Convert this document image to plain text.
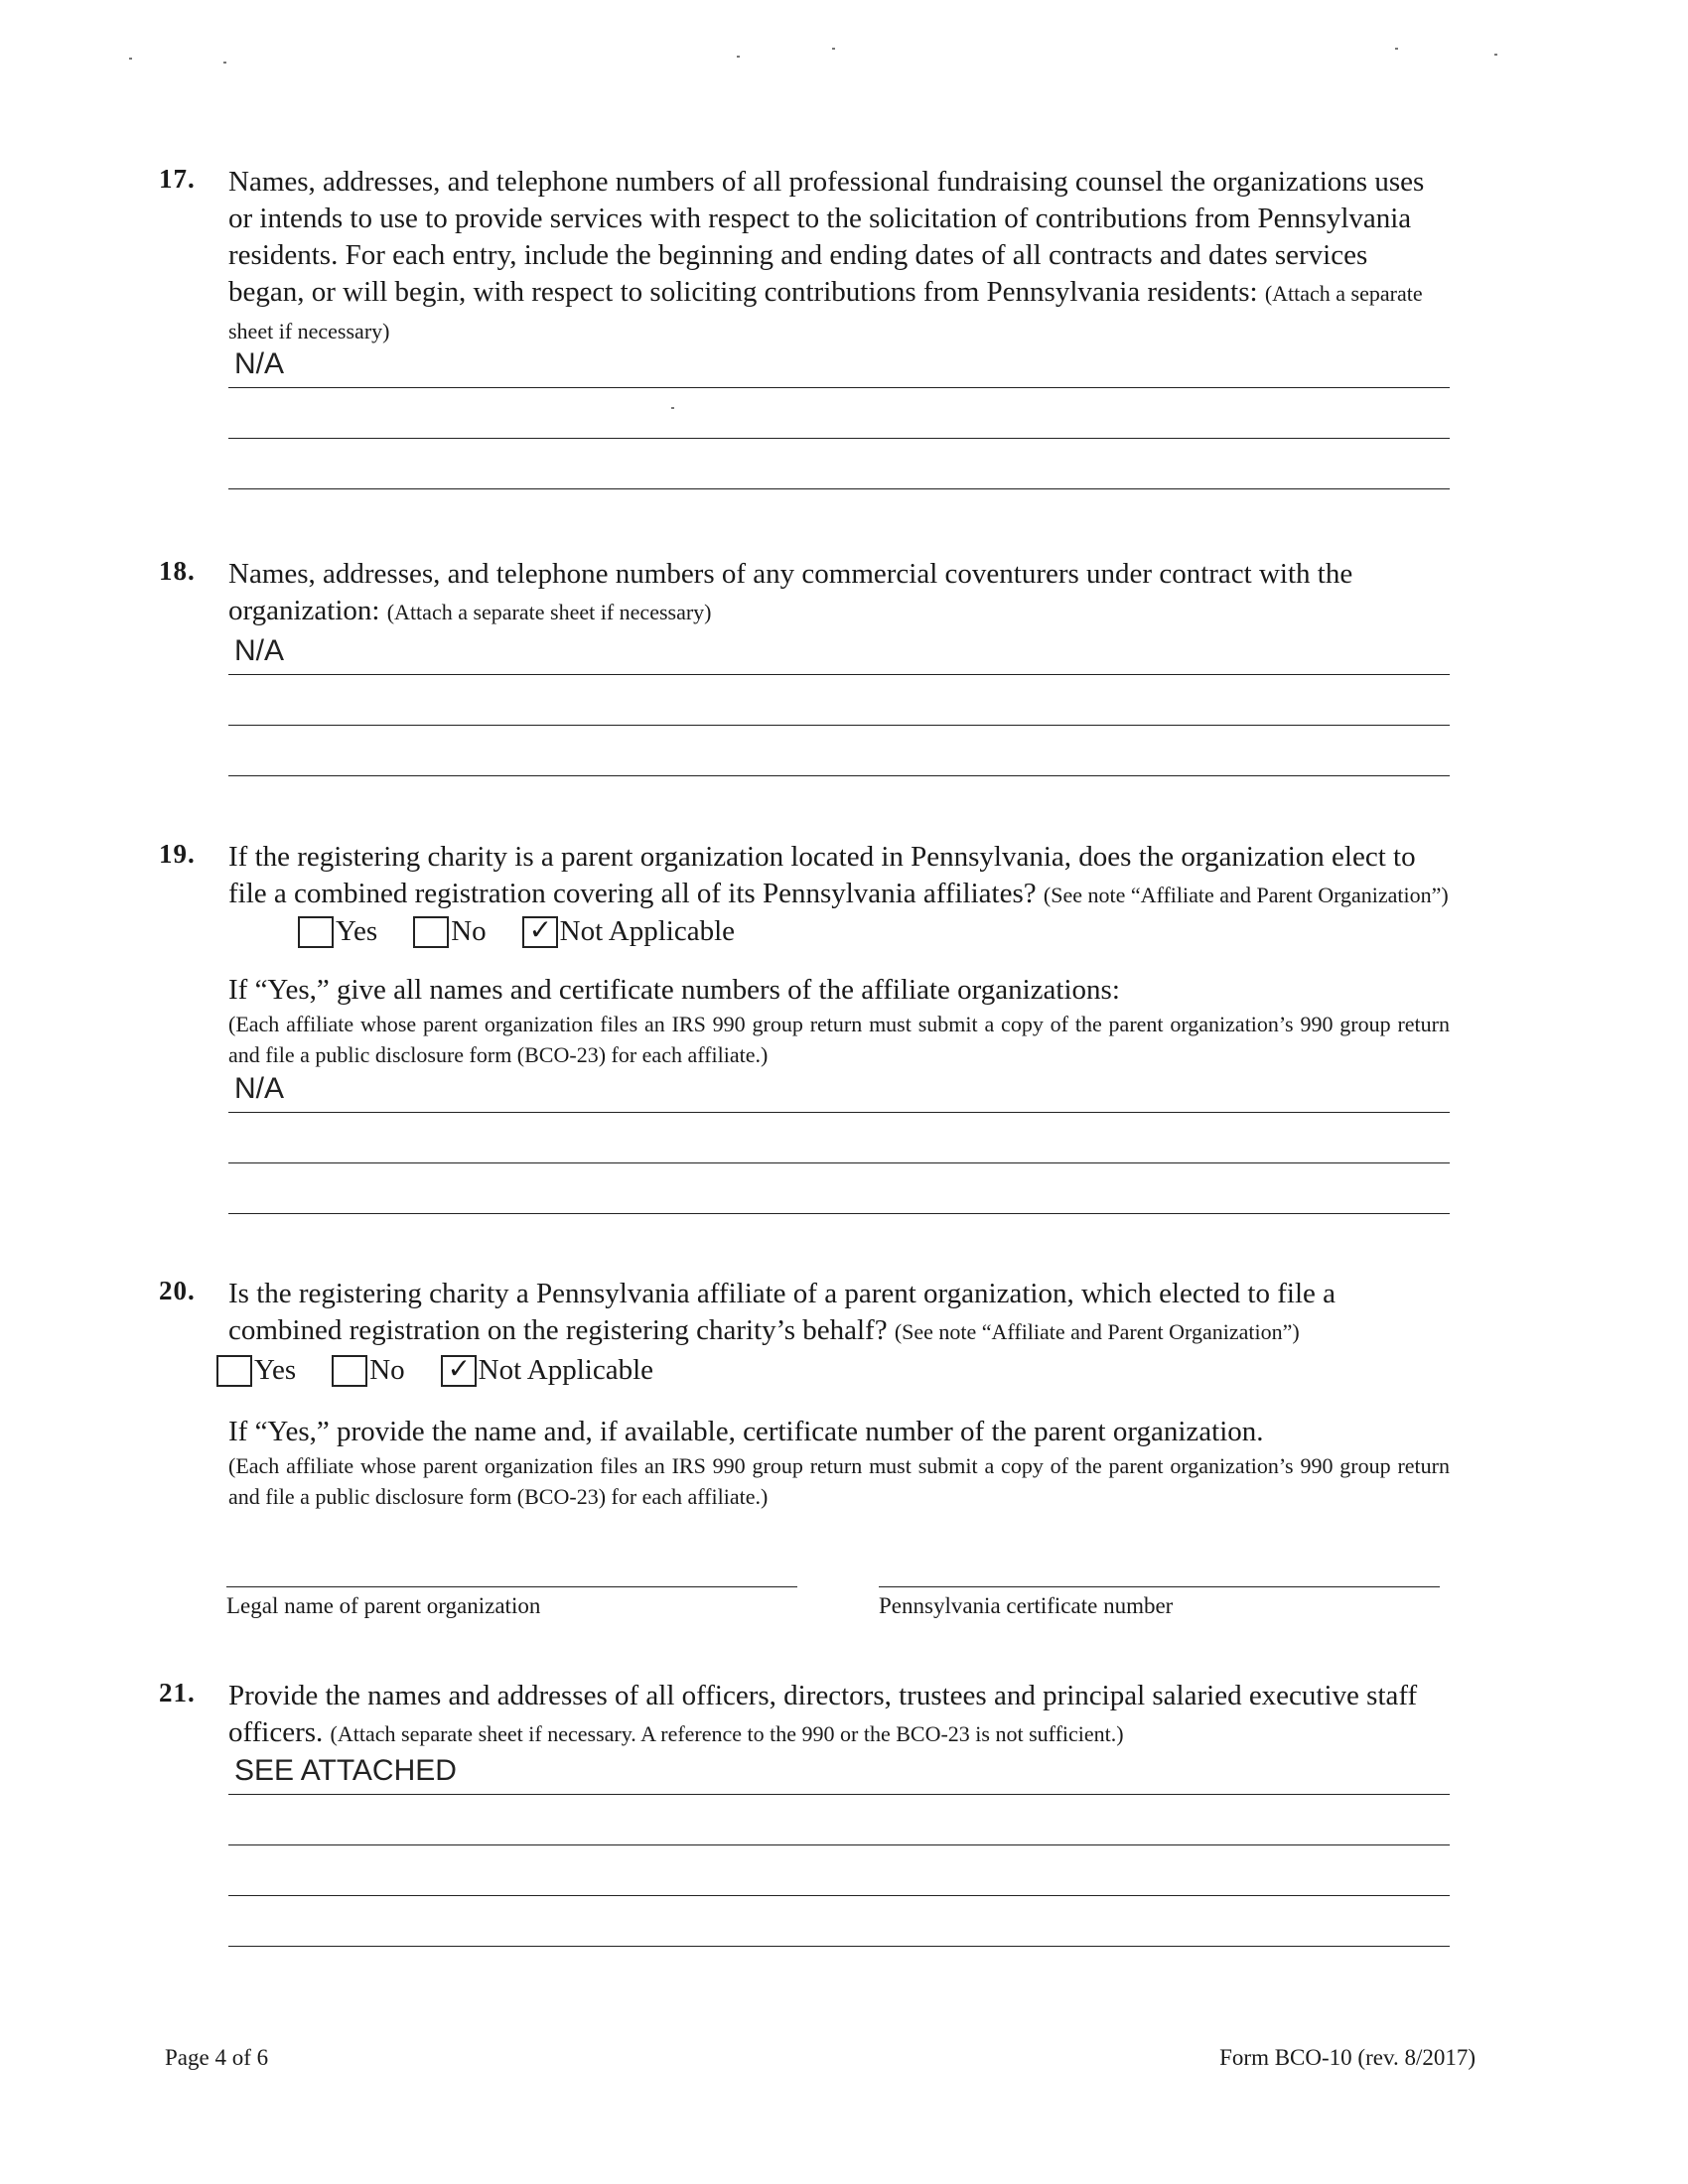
17. Names, addresses, and telephone numbers of all professional fundraising counsel the organizations uses or intends to use to provide services with respect to the solicitation of contributions from Pennsylvania residents. For each entry, include the beginning and ending dates of all contracts and dates services began, or will begin, with respect to soliciting contributions from Pennsylvania residents: (Attach a separate sheet if necessary)
N/A
18. Names, addresses, and telephone numbers of any commercial coventurers under contract with the organization: (Attach a separate sheet if necessary)
N/A
19. If the registering charity is a parent organization located in Pennsylvania, does the organization elect to file a combined registration covering all of its Pennsylvania affiliates? (See note “Affiliate and Parent Organization”)
Yes	No ✓ Not Applicable
If “Yes,” give all names and certificate numbers of the affiliate organizations:
(Each affiliate whose parent organization files an IRS 990 group return must submit a copy of the parent organization’s 990 group return and file a public disclosure form (BCO-23) for each affiliate.)
N/A
20. Is the registering charity a Pennsylvania affiliate of a parent organization, which elected to file a combined registration on the registering charity’s behalf? (See note “Affiliate and Parent Organization”)
Yes	No ✓ Not Applicable
If “Yes,” provide the name and, if available, certificate number of the parent organization.
(Each affiliate whose parent organization files an IRS 990 group return must submit a copy of the parent organization’s 990 group return and file a public disclosure form (BCO-23) for each affiliate.)
Legal name of parent organization	Pennsylvania certificate number
21. Provide the names and addresses of all officers, directors, trustees and principal salaried executive staff officers. (Attach separate sheet if necessary. A reference to the 990 or the BCO-23 is not sufficient.)
SEE ATTACHED
Page 4 of 6	Form BCO-10 (rev. 8/2017)
